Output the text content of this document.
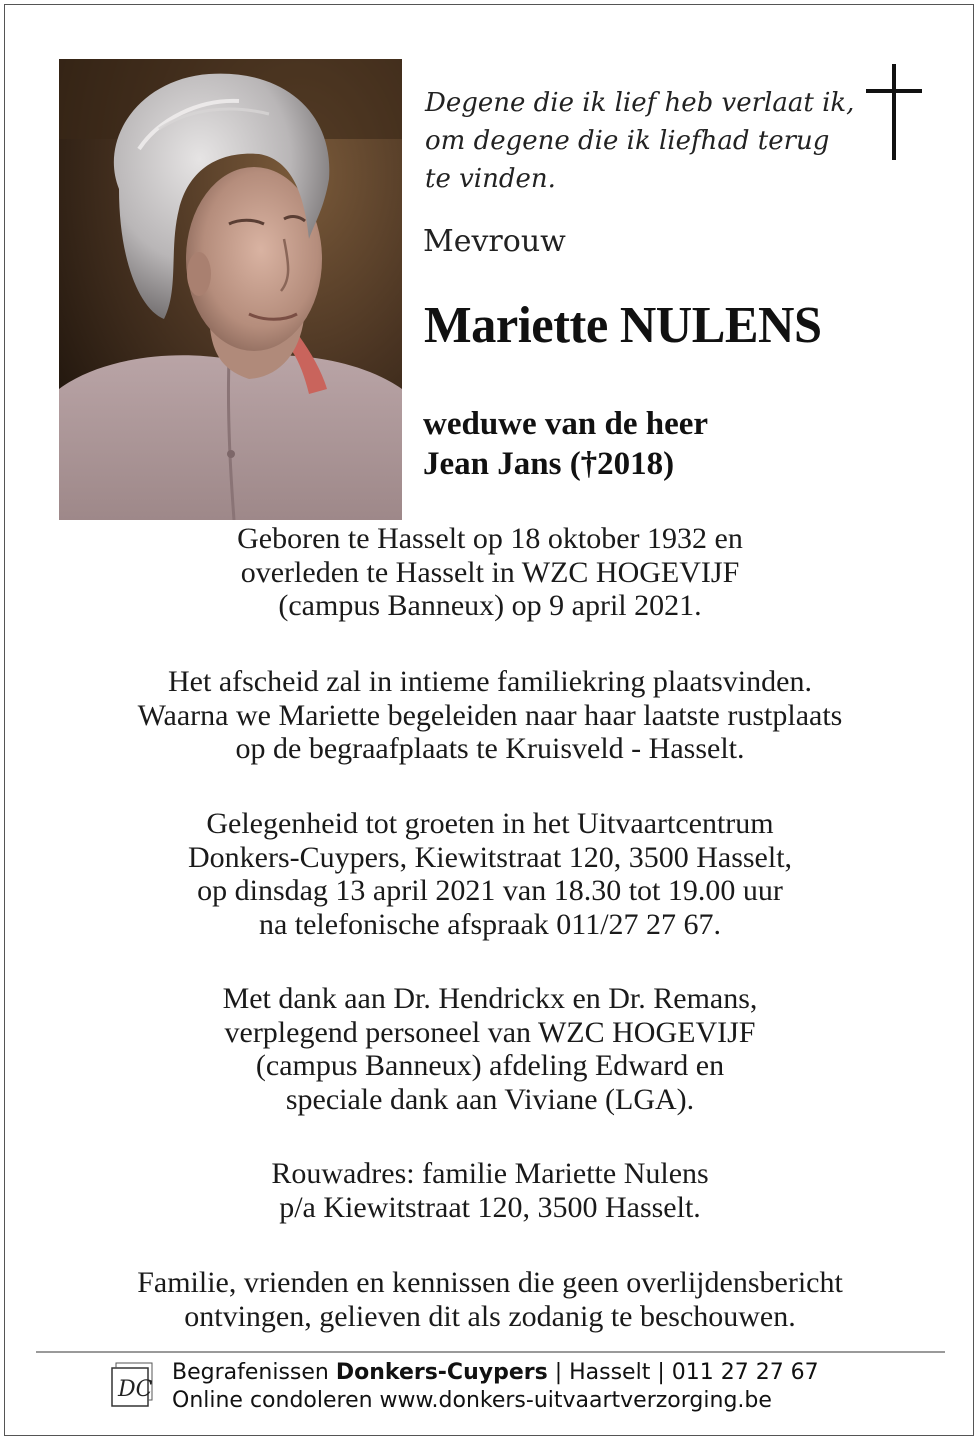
Degene die ik lief heb verlaat ik,
om degene die ik liefhad terug
te vinden.
Mevrouw
Mariette NULENS
weduwe van de heer
Jean Jans (†2018)
Geboren te Hasselt op 18 oktober 1932 en
overleden te Hasselt in WZC HOGEVIJF
(campus Banneux) op 9 april 2021.
Het afscheid zal in intieme familiekring plaatsvinden.
Waarna we Mariette begeleiden naar haar laatste rustplaats
op de begraafplaats te Kruisveld - Hasselt.
Gelegenheid tot groeten in het Uitvaartcentrum
Donkers-Cuypers, Kiewitstraat 120, 3500 Hasselt,
op dinsdag 13 april 2021 van 18.30 tot 19.00 uur
na telefonische afspraak 011/27 27 67.
Met dank aan Dr. Hendrickx en Dr. Remans,
verplegend personeel van WZC HOGEVIJF
(campus Banneux) afdeling Edward en
speciale dank aan Viviane (LGA).
Rouwadres: familie Mariette Nulens
p/a Kiewitstraat 120, 3500 Hasselt.
Familie, vrienden en kennissen die geen overlijdensbericht
ontvingen, gelieven dit als zodanig te beschouwen.
DC
Begrafenissen Donkers-Cuypers | Hasselt | 011 27 27 67
Online condoleren www.donkers-uitvaartverzorging.be
